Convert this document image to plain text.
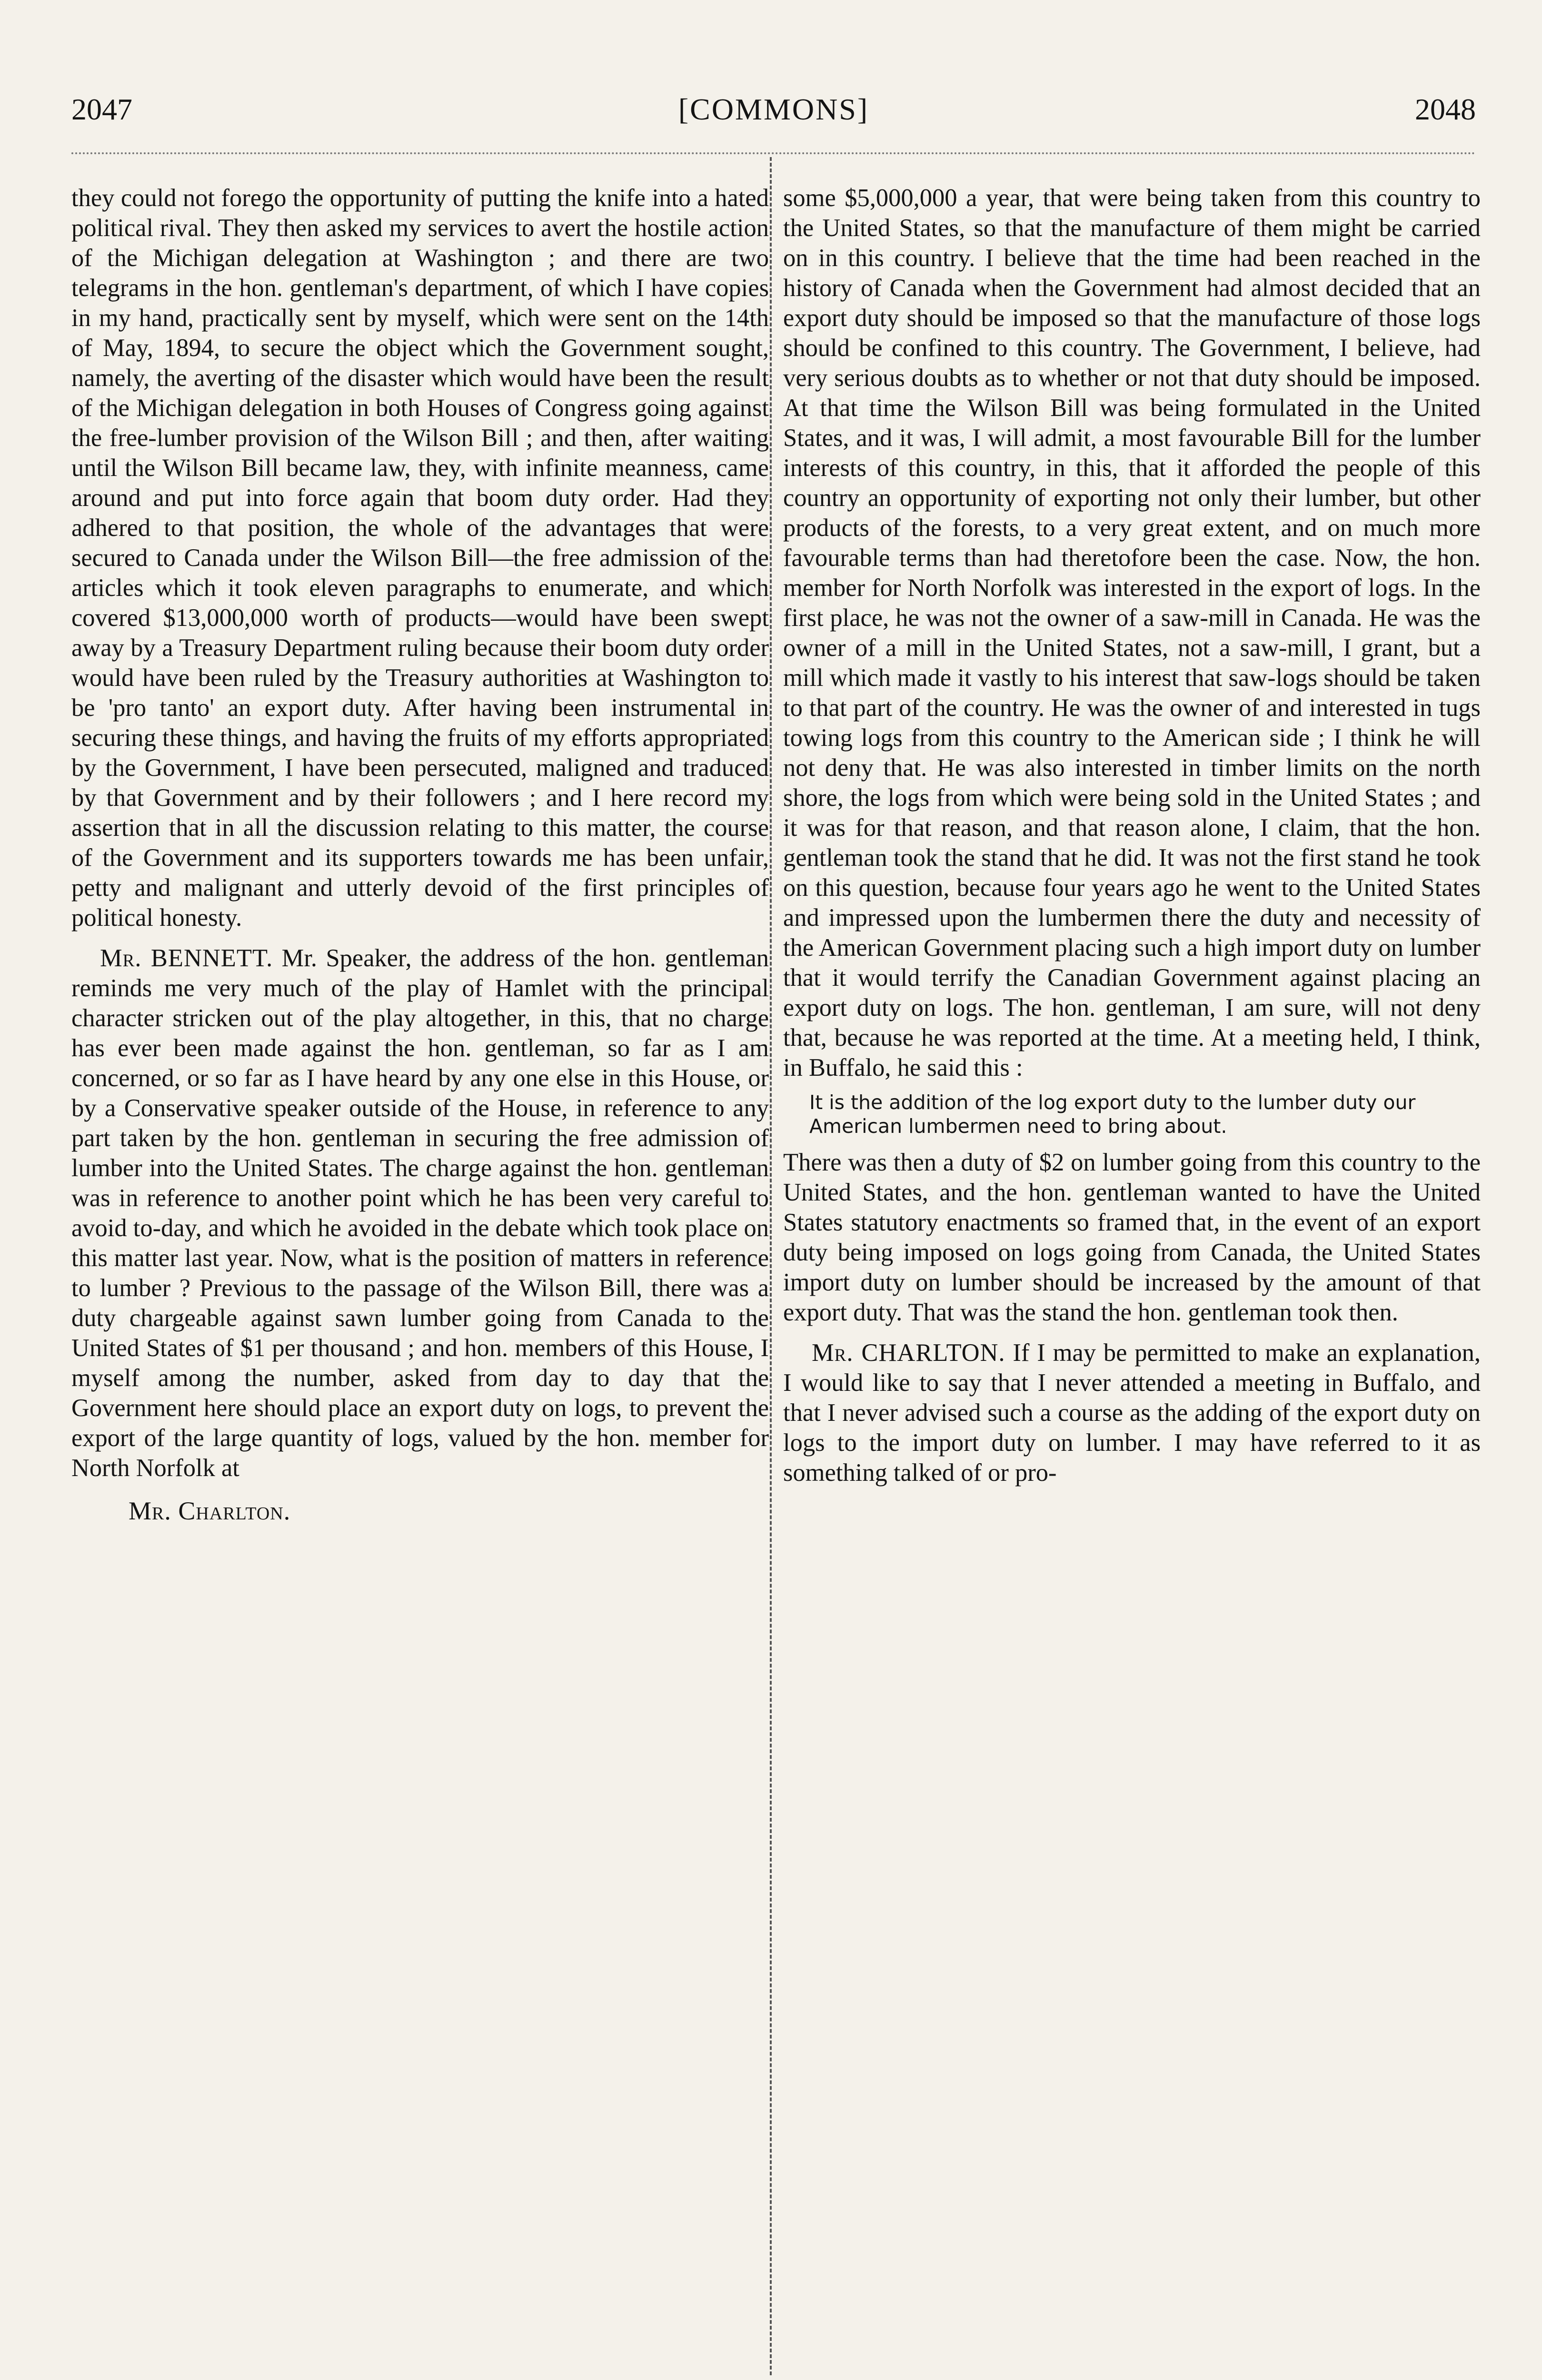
2047	[COMMONS]	2048

they could not forego the opportunity of putting the knife into a hated political rival. They then asked my services to avert the hostile action of the Michigan delegation at Washington ; and there are two telegrams in the hon. gentleman's department, of which I have copies in my hand, practically sent by myself, which were sent on the 14th of May, 1894, to secure the object which the Government sought, namely, the averting of the disaster which would have been the result of the Michigan delegation in both Houses of Congress going against the free-lumber provision of the Wilson Bill ; and then, after waiting until the Wilson Bill became law, they, with infinite meanness, came around and put into force again that boom duty order. Had they adhered to that position, the whole of the advantages that were secured to Canada under the Wilson Bill—the free admission of the articles which it took eleven paragraphs to enumerate, and which covered $13,000,000 worth of products—would have been swept away by a Treasury Department ruling because their boom duty order would have been ruled by the Treasury authorities at Washington to be 'pro tanto' an export duty. After having been instrumental in securing these things, and having the fruits of my efforts appropriated by the Government, I have been persecuted, maligned and traduced by that Government and by their followers ; and I here record my assertion that in all the discussion relating to this matter, the course of the Government and its supporters towards me has been unfair, petty and malignant and utterly devoid of the first principles of political honesty.

Mr. BENNETT. Mr. Speaker, the address of the hon. gentleman reminds me very much of the play of Hamlet with the principal character stricken out of the play altogether, in this, that no charge has ever been made against the hon. gentleman, so far as I am concerned, or so far as I have heard by any one else in this House, or by a Conservative speaker outside of the House, in reference to any part taken by the hon. gentleman in securing the free admission of lumber into the United States. The charge against the hon. gentleman was in reference to another point which he has been very careful to avoid to-day, and which he avoided in the debate which took place on this matter last year. Now, what is the position of matters in reference to lumber ? Previous to the passage of the Wilson Bill, there was a duty chargeable against sawn lumber going from Canada to the United States of $1 per thousand ; and hon. members of this House, I myself among the number, asked from day to day that the Government here should place an export duty on logs, to prevent the export of the large quantity of logs, valued by the hon. member for North Norfolk at

Mr. Charlton.

some $5,000,000 a year, that were being taken from this country to the United States, so that the manufacture of them might be carried on in this country. I believe that the time had been reached in the history of Canada when the Government had almost decided that an export duty should be imposed so that the manufacture of those logs should be confined to this country. The Government, I believe, had very serious doubts as to whether or not that duty should be imposed. At that time the Wilson Bill was being formulated in the United States, and it was, I will admit, a most favourable Bill for the lumber interests of this country, in this, that it afforded the people of this country an opportunity of exporting not only their lumber, but other products of the forests, to a very great extent, and on much more favourable terms than had theretofore been the case. Now, the hon. member for North Norfolk was interested in the export of logs. In the first place, he was not the owner of a saw-mill in Canada. He was the owner of a mill in the United States, not a saw-mill, I grant, but a mill which made it vastly to his interest that saw-logs should be taken to that part of the country. He was the owner of and interested in tugs towing logs from this country to the American side ; I think he will not deny that. He was also interested in timber limits on the north shore, the logs from which were being sold in the United States ; and it was for that reason, and that reason alone, I claim, that the hon. gentleman took the stand that he did. It was not the first stand he took on this question, because four years ago he went to the United States and impressed upon the lumbermen there the duty and necessity of the American Government placing such a high import duty on lumber that it would terrify the Canadian Government against placing an export duty on logs. The hon. gentleman, I am sure, will not deny that, because he was reported at the time. At a meeting held, I think, in Buffalo, he said this :

It is the addition of the log export duty to the lumber duty our American lumbermen need to bring about.

There was then a duty of $2 on lumber going from this country to the United States, and the hon. gentleman wanted to have the United States statutory enactments so framed that, in the event of an export duty being imposed on logs going from Canada, the United States import duty on lumber should be increased by the amount of that export duty. That was the stand the hon. gentleman took then.

Mr. CHARLTON. If I may be permitted to make an explanation, I would like to say that I never attended a meeting in Buffalo, and that I never advised such a course as the adding of the export duty on logs to the import duty on lumber. I may have referred to it as something talked of or pro-
